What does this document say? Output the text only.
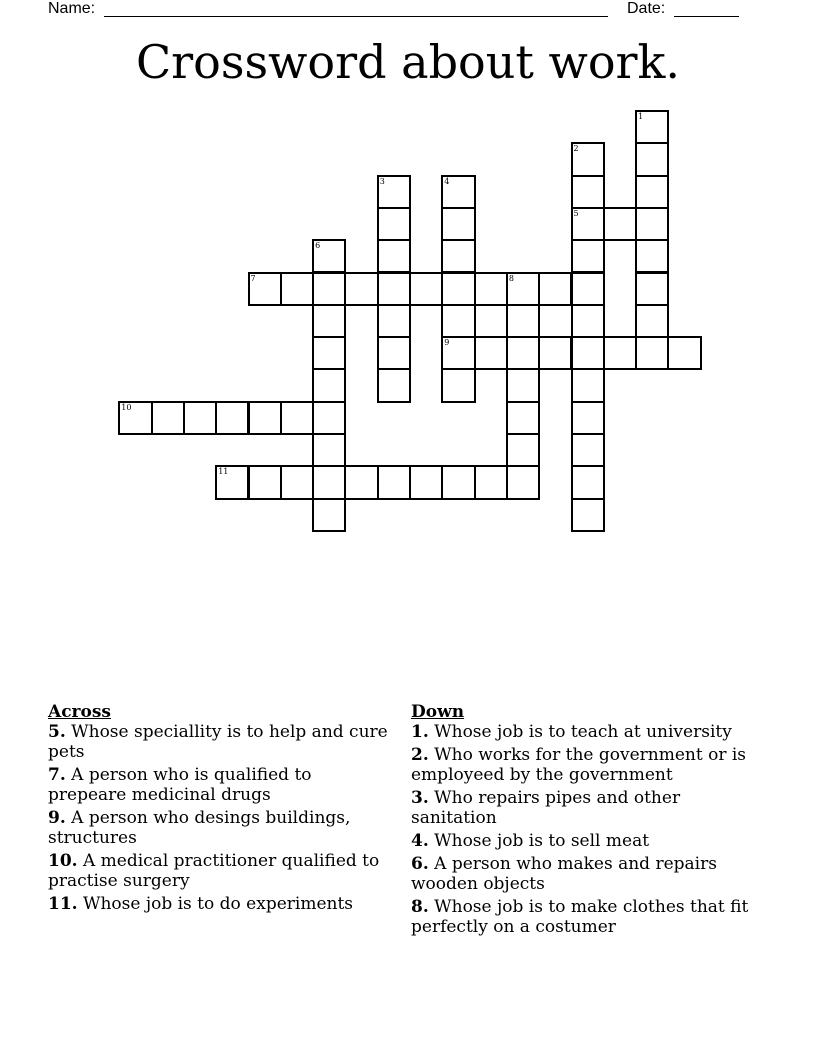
Name:	Date:
Crossword about work.
1
2
5
3	4
9
6
7	8
10
11
Across
5. Whose speciallity is to help and cure pets
7. A person who is qualified to prepeare medicinal drugs
9. A person who desings buildings, structures
10. A medical practitioner qualified to practise surgery
11. Whose job is to do experiments
Down
1. Whose job is to teach at university
2. Who works for the government or is employeed by the government
3. Who repairs pipes and other sanitation
4. Whose job is to sell meat
6. A person who makes and repairs wooden objects
8. Whose job is to make clothes that fit perfectly on a costumer
